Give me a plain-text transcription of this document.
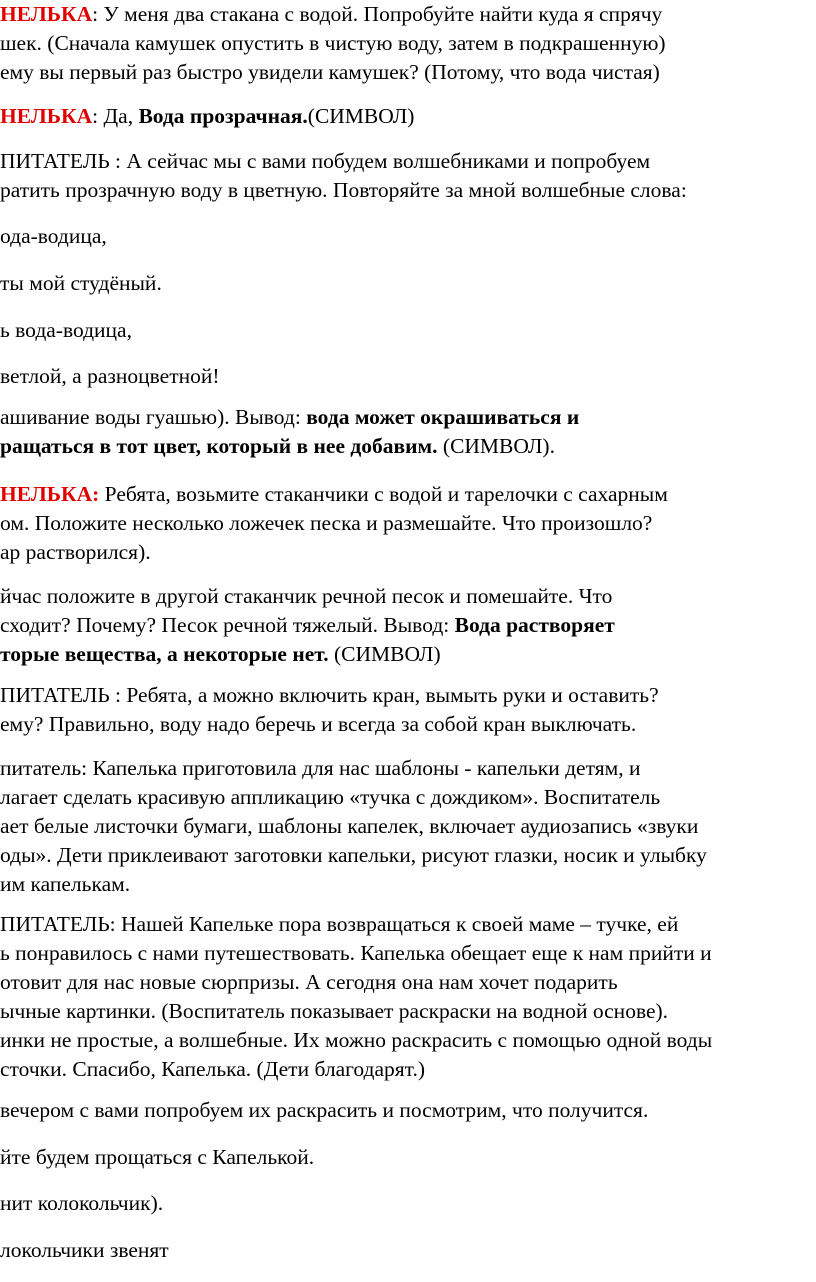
НЕЛЬКА: У меня два стакана с водой. Попробуйте найти куда я спрячу
шек. (Сначала камушек опустить в чистую воду, затем в подкрашенную)
ему вы первый раз быстро увидели камушек? (Потому, что вода чистая)

НЕЛЬКА: Да, Вода прозрачная.(СИМВОЛ)

ПИТАТЕЛЬ : А сейчас мы с вами побудем волшебниками и попробуем
ратить прозрачную воду в цветную. Повторяйте за мной волшебные слова:

ода-водица,

ты мой студёный.

ь вода-водица,

ветлой, а разноцветной!

ашивание воды гуашью). Вывод: вода может окрашиваться и
ращаться в тот цвет, который в нее добавим. (СИМВОЛ).

НЕЛЬКА: Ребята, возьмите стаканчики с водой и тарелочки с сахарным
ом. Положите несколько ложечек песка и размешайте. Что произошло?
ар растворился).

йчас положите в другой стаканчик речной песок и помешайте. Что
сходит? Почему? Песок речной тяжелый. Вывод: Вода растворяет
торые вещества, а некоторые нет. (СИМВОЛ)

ПИТАТЕЛЬ : Ребята, а можно включить кран, вымыть руки и оставить?
ему? Правильно, воду надо беречь и всегда за собой кран выключать.

питатель: Капелька приготовила для нас шаблоны - капельки детям, и
лагает сделать красивую аппликацию «тучка с дождиком». Воспитатель
ает белые листочки бумаги, шаблоны капелек, включает аудиозапись «звуки
оды». Дети приклеивают заготовки капельки, рисуют глазки, носик и улыбку
им капелькам.

ПИТАТЕЛЬ: Нашей Капельке пора возвращаться к своей маме – тучке, ей
ь понравилось с нами путешествовать. Капелька обещает еще к нам прийти и
отовит для нас новые сюрпризы. А сегодня она нам хочет подарить
ычные картинки. (Воспитатель показывает раскраски на водной основе).
инки не простые, а волшебные. Их можно раскрасить с помощью одной воды
сточки. Спасибо, Капелька. (Дети благодарят.)

вечером с вами попробуем их раскрасить и посмотрим, что получится.

йте будем прощаться с Капелькой.

нит колокольчик).

локольчики звенят
